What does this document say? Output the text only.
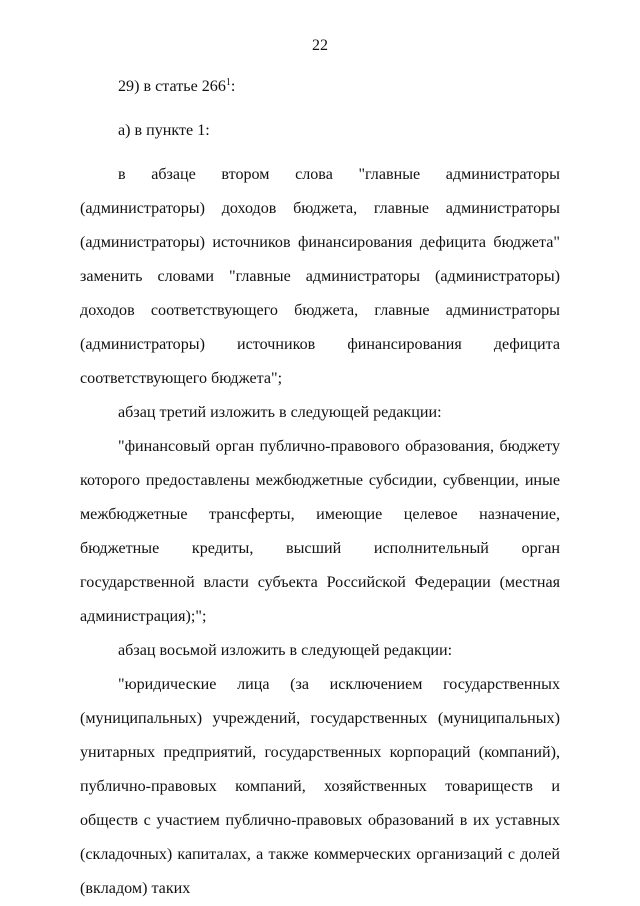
22

29) в статье $266^1$:

а) в пункте 1:

в абзаце втором слова "главные администраторы (администраторы) доходов бюджета, главные администраторы (администраторы) источников финансирования дефицита бюджета" заменить словами "главные администраторы (администраторы) доходов соответствующего бюджета, главные администраторы (администраторы) источников финансирования дефицита соответствующего бюджета";

абзац третий изложить в следующей редакции:

"финансовый орган публично-правового образования, бюджету которого предоставлены межбюджетные субсидии, субвенции, иные межбюджетные трансферты, имеющие целевое назначение, бюджетные кредиты, высший исполнительный орган государственной власти субъекта Российской Федерации (местная администрация);";

абзац восьмой изложить в следующей редакции:

"юридические лица (за исключением государственных (муниципальных) учреждений, государственных (муниципальных) унитарных предприятий, государственных корпораций (компаний), публично-правовых компаний, хозяйственных товариществ и обществ с участием публично-правовых образований в их уставных (складочных) капиталах, а также коммерческих организаций с долей (вкладом) таких
